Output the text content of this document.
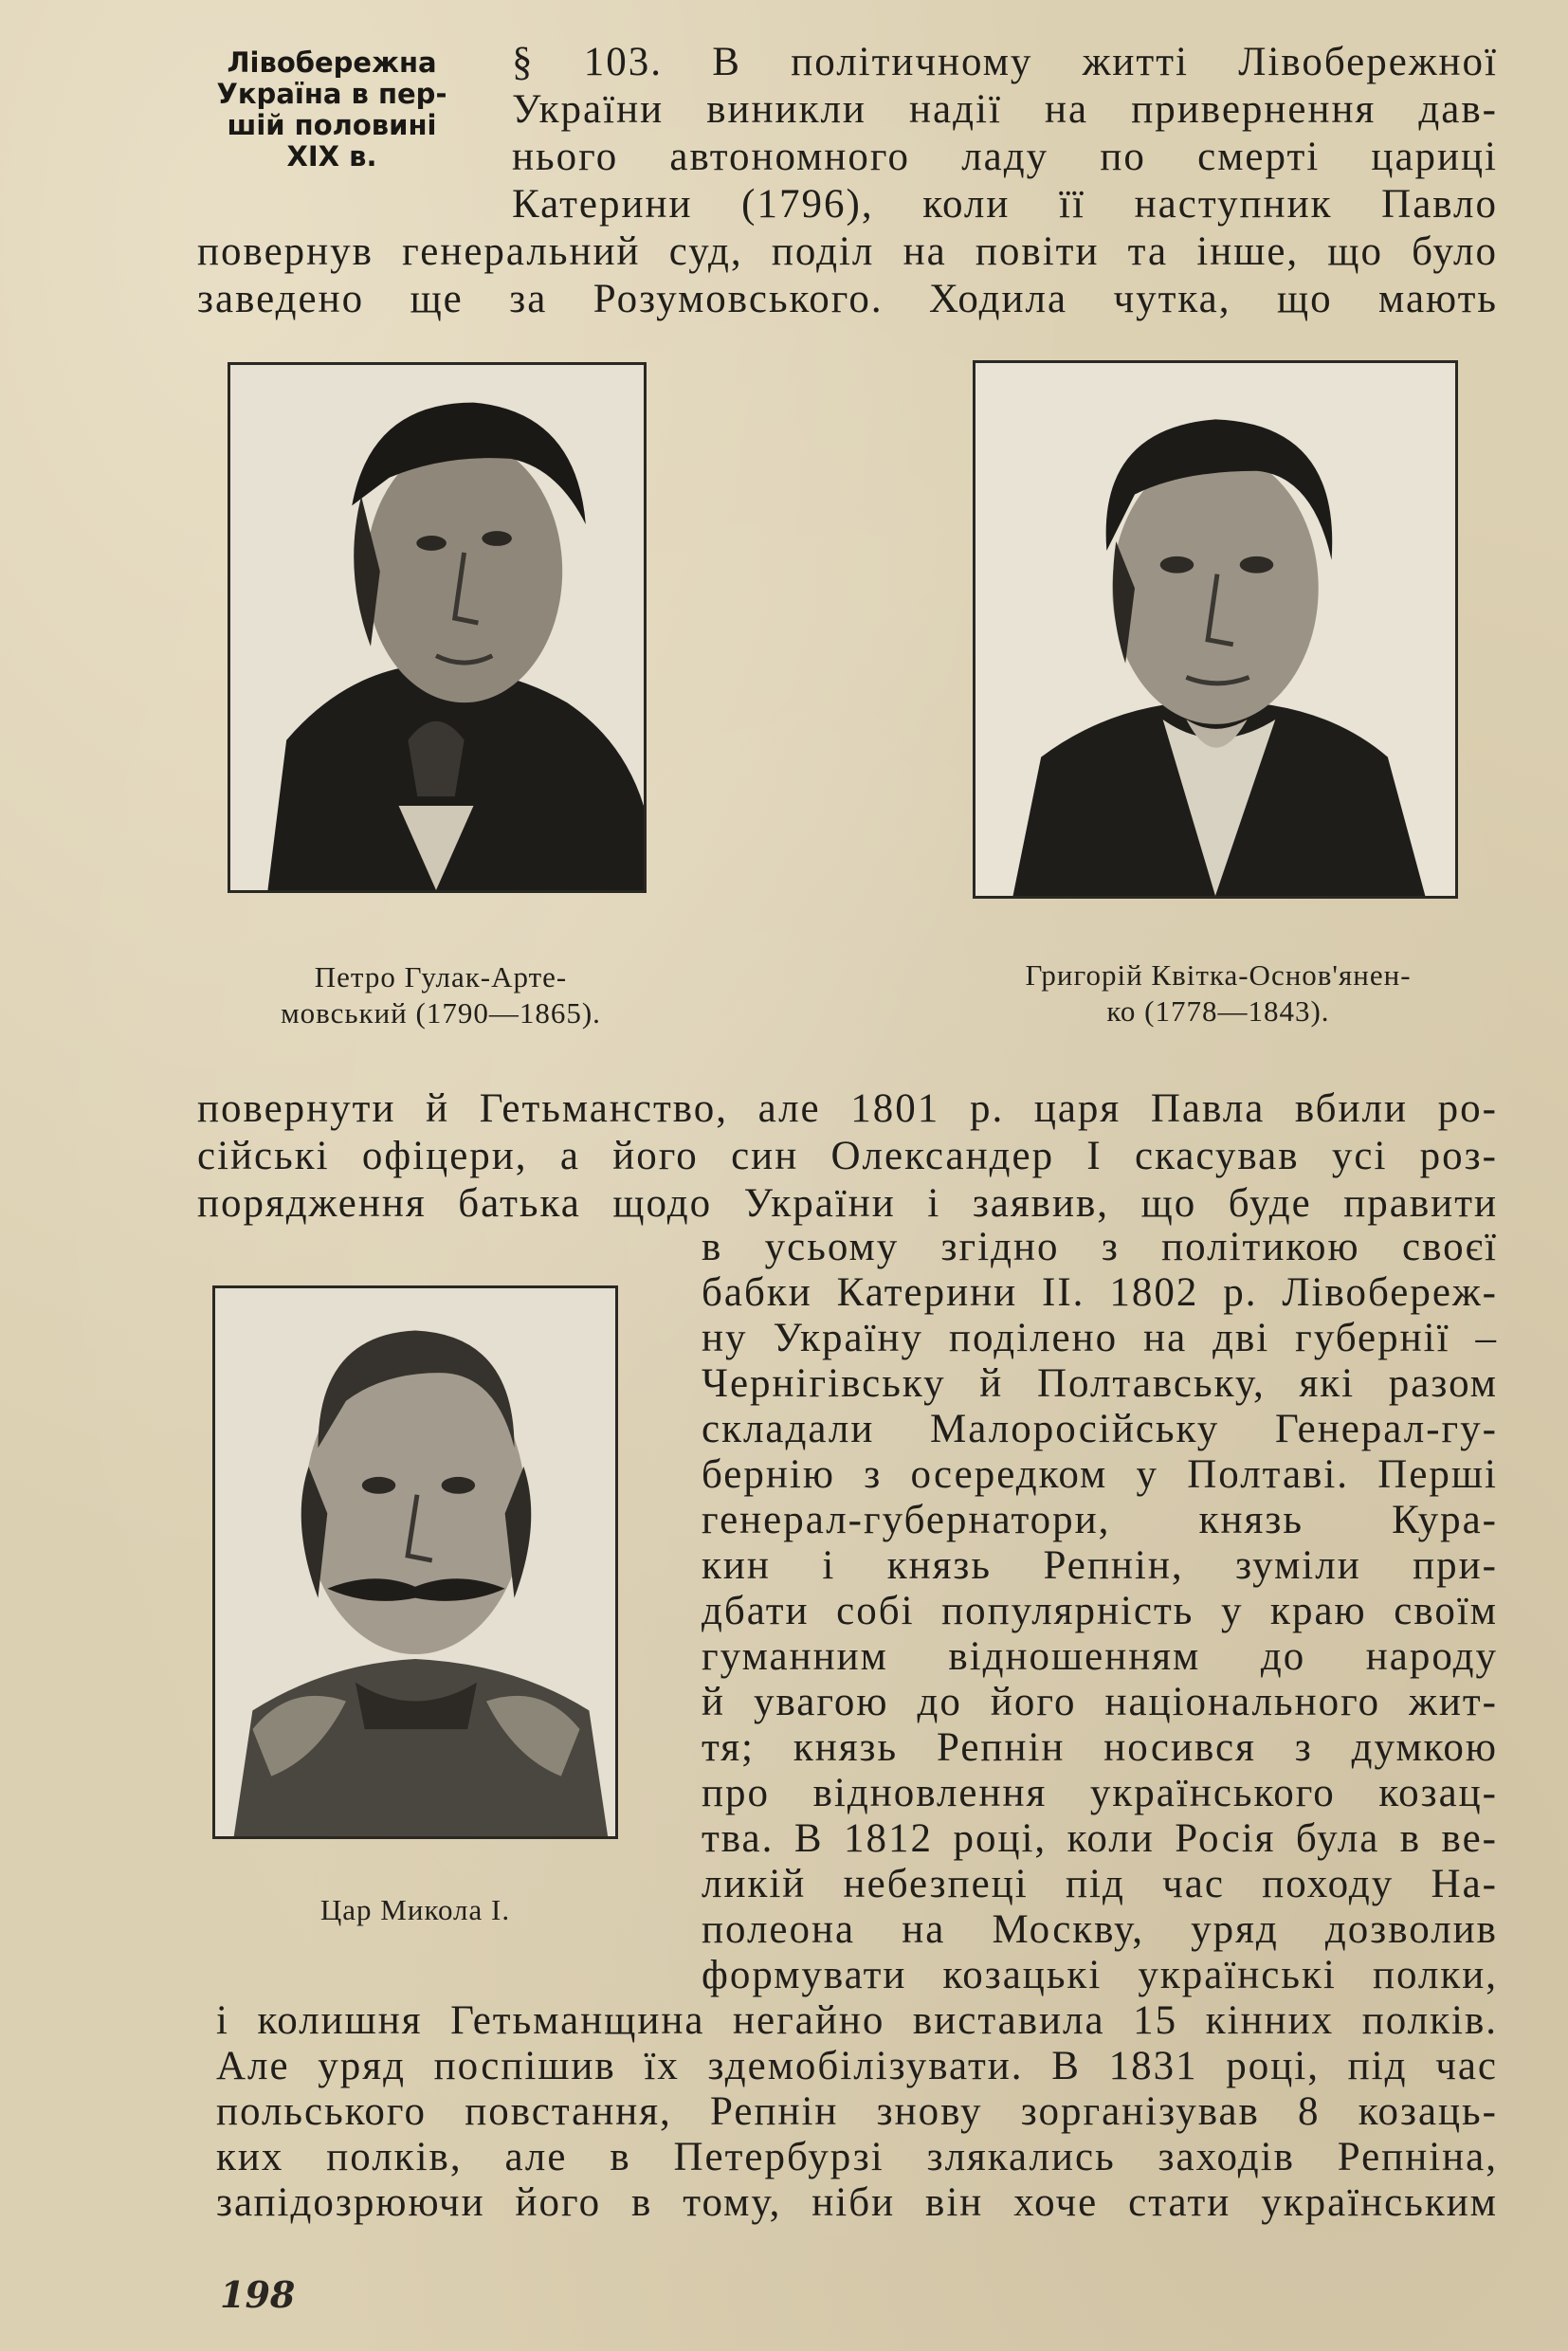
Лівобережна
Україна в пер-
шій половині
XIX в.
§ 103. В політичному житті Лівобережної
України виникли надії на привернення дав-
нього автономного ладу по смерті цариці
Катерини (1796), коли її наступник Павло
повернув генеральний суд, поділ на повіти та інше, що було
заведено ще за Розумовського. Ходила чутка, що мають
Петро Гулак-Арте-
мовський (1790—1865).
Григорій Квітка-Основ'янен-
ко (1778—1843).
повернути й Гетьманство, але 1801 р. царя Павла вбили ро-
сійські офіцери, а його син Олександер І скасував усі роз-
порядження батька щодо України і заявив, що буде правити
Цар Микола І.
в усьому згідно з політикою своєї
бабки Катерини ІІ. 1802 р. Лівобереж-
ну Україну поділено на дві губернії –
Чернігівську й Полтавську, які разом
складали Малоросійську Генерал-гу-
бернію з осередком у Полтаві. Перші
генерал-губернатори, князь Кура-
кин і князь Репнін, зуміли при-
дбати собі популярність у краю своїм
гуманним відношенням до народу
й увагою до його національного жит-
тя; князь Репнін носився з думкою
про відновлення українського козац-
тва. В 1812 році, коли Росія була в ве-
ликій небезпеці під час походу На-
полеона на Москву, уряд дозволив
формувати козацькі українські полки,
і колишня Гетьманщина негайно виставила 15 кінних полків.
Але уряд поспішив їх здемобілізувати. В 1831 році, під час
польського повстання, Репнін знову зорганізував 8 козаць-
ких полків, але в Петербурзі злякались заходів Репніна,
запідозрюючи його в тому, ніби він хоче стати українським
198
